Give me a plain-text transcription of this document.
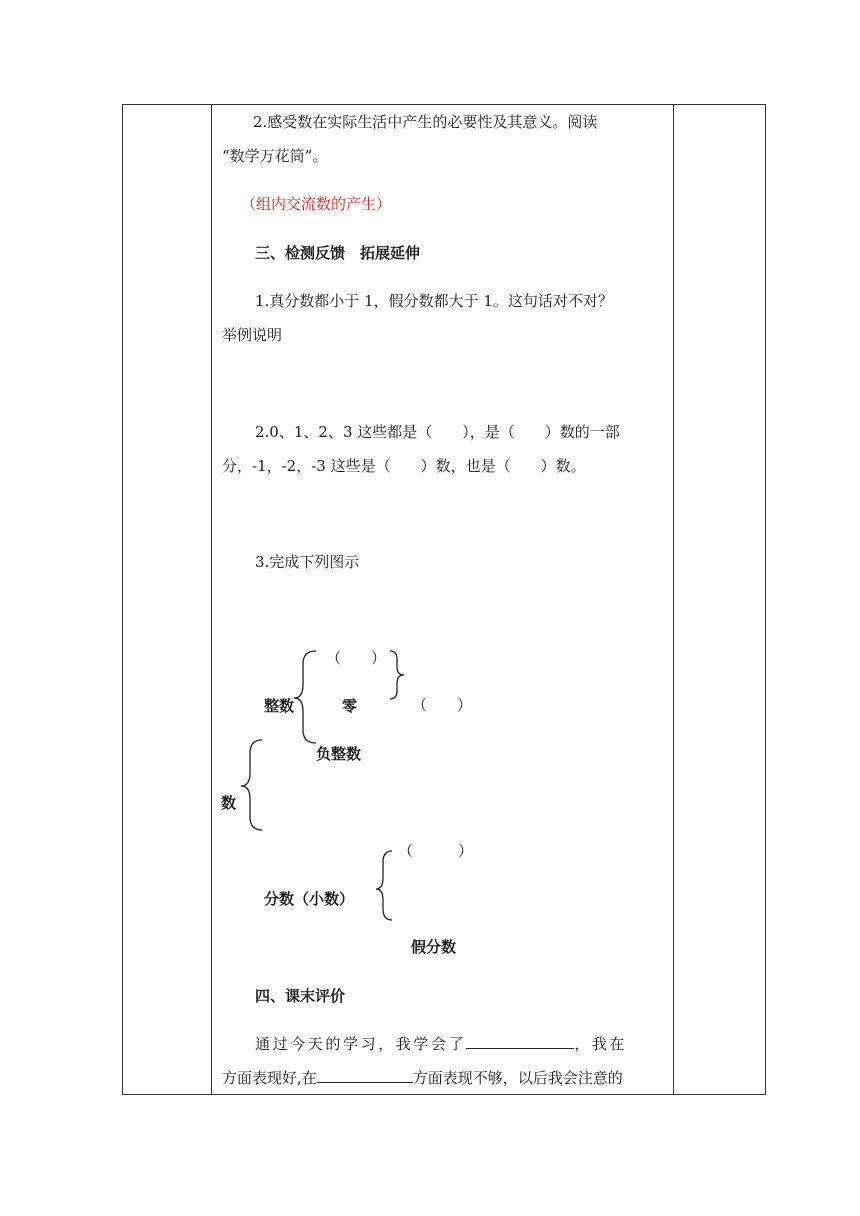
2.感受数在实际生活中产生的必要性及其意义。阅读
“数学万花筒”。
（组内交流数的产生）
三、检测反馈　拓展延伸
1.真分数都小于 1，假分数都大于 1。这句话对不对？
举例说明
2.0、1、2、3 这些都是（　　），是（　　）数的一部
分，-1，-2，-3 这些是（　　）数，也是（　　）数。
3.完成下列图示
（　　）
整数	零	（　　）
负整数
数
（　　　）
分数（小数）
假分数
四、课末评价
通过今天的学习，我学会了	，我在
方面表现好,在	方面表现不够，以后我会注意的
